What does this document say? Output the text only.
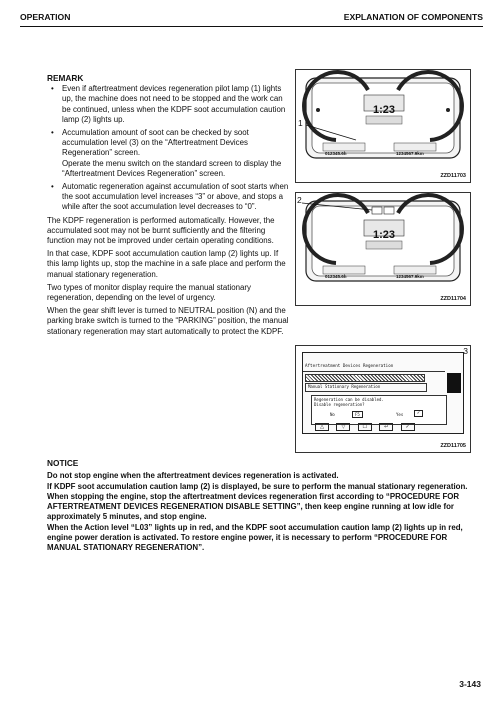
OPERATION	EXPLANATION OF COMPONENTS
REMARK
• Even if aftertreatment devices regeneration pilot lamp (1) lights up, the machine does not need to be stopped and the work can be continued, unless when the KDPF soot accumulation caution lamp (2) lights up.
• Accumulation amount of soot can be checked by soot accumulation level (3) on the “Aftertreatment Devices Regeneration” screen.
Operate the menu switch on the standard screen to display the “Aftertreatment Devices Regeneration” screen.
• Automatic regeneration against accumulation of soot starts when the soot accumulation level increases “3” or above, and stops a while after the soot accumulation level decreases to “0”.

The KDPF regeneration is performed automatically. However, the accumulated soot may not be burnt sufficiently and the filtering function may not be improved under certain operating conditions.

In that case, KDPF soot accumulation caution lamp (2) lights up. If this lamp lights up, stop the machine in a safe place and perform the manual stationary regeneration.

Two types of monitor display require the manual stationary regeneration, depending on the level of urgency.

When the gear shift lever is turned to NEUTRAL position (N) and the parking brake switch is turned to the “PARKING” position, the manual stationary regeneration may start automatically to protect the KDPF.

1
1:23
012345.6h	1234567.9km
ZZD11703
2
1:23
012345.6h	1234567.9km
ZZD11704
Aftertreatment Devices Regeneration
Manual Stationary Regeneration
Regeneration can be disabled.
Disable regeneration?
No	F5	Yes	✓
△	▽	☐	↩	✓
3
ZZD11705
NOTICE

Do not stop engine when the aftertreatment devices regeneration is activated.

If KDPF soot accumulation caution lamp (2) is displayed, be sure to perform the manual stationary regeneration.

When stopping the engine, stop the aftertreatment devices regeneration first according to “PROCEDURE FOR AFTERTREATMENT DEVICES REGENERATION DISABLE SETTING”, then keep engine running at low idle for approximately 5 minutes, and stop engine.

When the Action level “L03” lights up in red, and the KDPF soot accumulation caution lamp (2) lights up in red, engine power deration is activated. To restore engine power, it is necessary to perform “PROCEDURE FOR MANUAL STATIONARY REGENERATION”.

3-143
